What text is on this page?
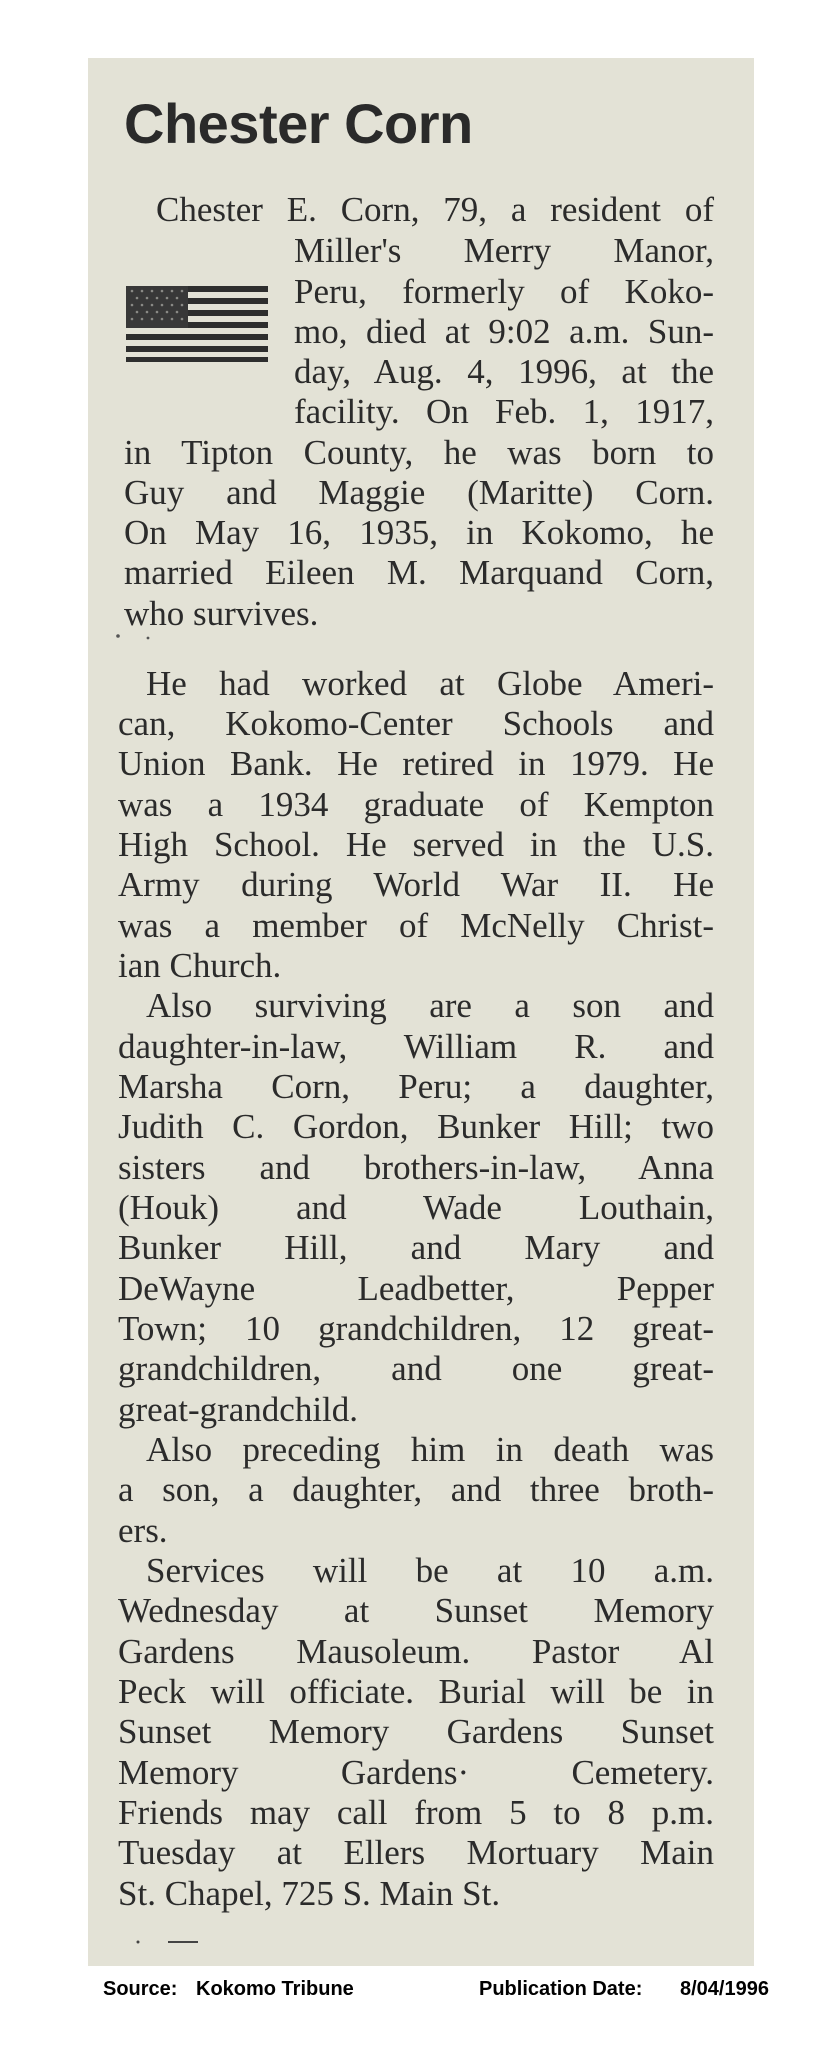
Chester Corn
Chester E. Corn, 79, a resident of
Miller's Merry Manor,
Peru, formerly of Koko-
mo, died at 9:02 a.m. Sun-
day, Aug. 4, 1996, at the
facility. On Feb. 1, 1917,
in Tipton County, he was born to
Guy and Maggie (Maritte) Corn.
On May 16, 1935, in Kokomo, he
married Eileen M. Marquand Corn,
who survives.
He had worked at Globe Ameri-
can, Kokomo-Center Schools and
Union Bank. He retired in 1979. He
was a 1934 graduate of Kempton
High School. He served in the U.S.
Army during World War II. He
was a member of McNelly Christ-
ian Church.
Also surviving are a son and
daughter-in-law, William R. and
Marsha Corn, Peru; a daughter,
Judith C. Gordon, Bunker Hill; two
sisters and brothers-in-law, Anna
(Houk) and Wade Louthain,
Bunker Hill, and Mary and
DeWayne Leadbetter, Pepper
Town; 10 grandchildren, 12 great-
grandchildren, and one great-
great-grandchild.
Also preceding him in death was
a son, a daughter, and three broth-
ers.
Services will be at 10 a.m.
Wednesday at Sunset Memory
Gardens Mausoleum. Pastor Al
Peck will officiate. Burial will be in
Sunset Memory Gardens Sunset
Memory Gardens· Cemetery.
Friends may call from 5 to 8 p.m.
Tuesday at Ellers Mortuary Main
St. Chapel, 725 S. Main St.
Source: Kokomo Tribune	Publication Date: 8/04/1996
